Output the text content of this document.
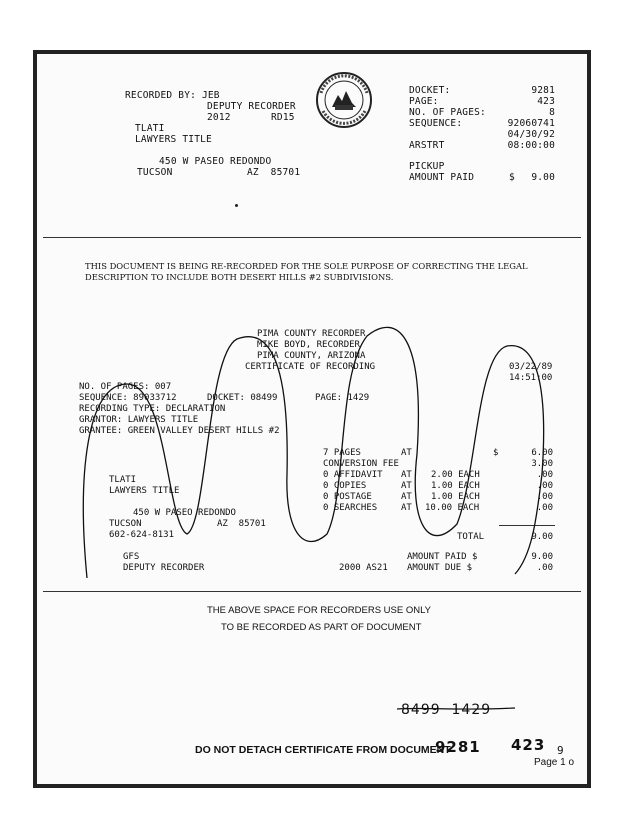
RECORDED BY: JEB
DEPUTY RECORDER
2012	RD15
TLATI
LAWYERS TITLE
450 W PASEO REDONDO
TUCSON	AZ  85701
DOCKET:	9281
PAGE:	423
NO. OF PAGES:	8
SEQUENCE:	92060741
04/30/92
ARSTRT	08:00:00
PICKUP
AMOUNT PAID	$	9.00
THIS DOCUMENT IS BEING RE-RECORDED FOR THE SOLE PURPOSE OF CORRECTING THE LEGAL
DESCRIPTION TO INCLUDE BOTH DESERT HILLS #2 SUBDIVISIONS.
PIMA COUNTY RECORDER
MIKE BOYD, RECORDER
PIMA COUNTY, ARIZONA
CERTIFICATE OF RECORDING	03/22/89
14:51:00
NO. OF PAGES: 007
SEQUENCE: 89033712	DOCKET: 08499	PAGE: 1429
RECORDING TYPE: DECLARATION
GRANTOR: LAWYERS TITLE
GRANTEE: GREEN VALLEY DESERT HILLS #2
7 PAGES	AT	$	6.00
CONVERSION FEE	3.00
0 AFFIDAVIT AT 2.00 EACH	.00
0 COPIES	AT 1.00 EACH	.00
0 POSTAGE	AT 1.00 EACH	.00
0 SEARCHES	AT 10.00 EACH	.00
TOTAL	9.00
TLATI
LAWYERS TITLE
450 W PASEO REDONDO
TUCSON	AZ  85701
602-624-8131
GFS
DEPUTY RECORDER	2000 AS21
AMOUNT PAID $	9.00
AMOUNT DUE $	.00
THE ABOVE SPACE FOR RECORDERS USE ONLY
TO BE RECORDED AS PART OF DOCUMENT
8499  1429
DO NOT DETACH CERTIFICATE FROM DOCUMENT
9281 423 9
Page 1 o
